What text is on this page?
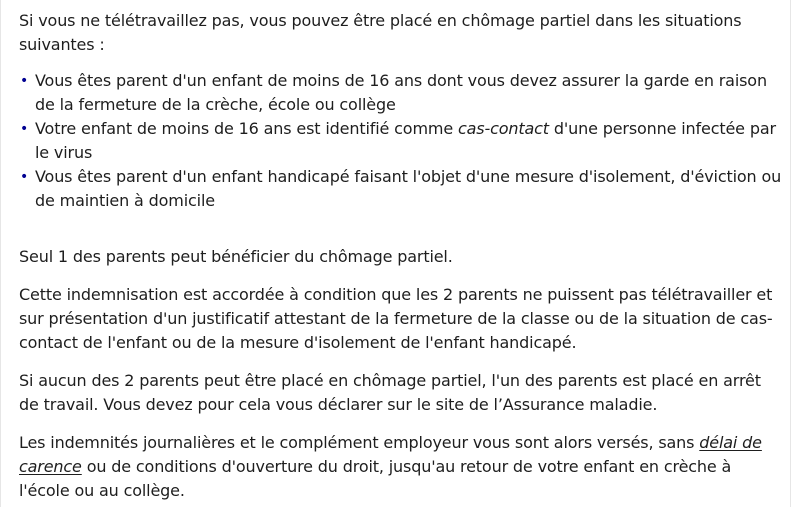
Si vous ne télétravaillez pas, vous pouvez être placé en chômage partiel dans les situations suivantes :

• Vous êtes parent d'un enfant de moins de 16 ans dont vous devez assurer la garde en raison de la fermeture de la crèche, école ou collège
• Votre enfant de moins de 16 ans est identifié comme cas-contact d'une personne infectée par le virus
• Vous êtes parent d'un enfant handicapé faisant l'objet d'une mesure d'isolement, d'éviction ou de maintien à domicile

Seul 1 des parents peut bénéficier du chômage partiel.

Cette indemnisation est accordée à condition que les 2 parents ne puissent pas télétravailler et sur présentation d'un justificatif attestant de la fermeture de la classe ou de la situation de cas-contact de l'enfant ou de la mesure d'isolement de l'enfant handicapé.

Si aucun des 2 parents peut être placé en chômage partiel, l'un des parents est placé en arrêt de travail. Vous devez pour cela vous déclarer sur le site de l’Assurance maladie.

Les indemnités journalières et le complément employeur vous sont alors versés, sans délai de carence ou de conditions d'ouverture du droit, jusqu'au retour de votre enfant en crèche à l'école ou au collège.
